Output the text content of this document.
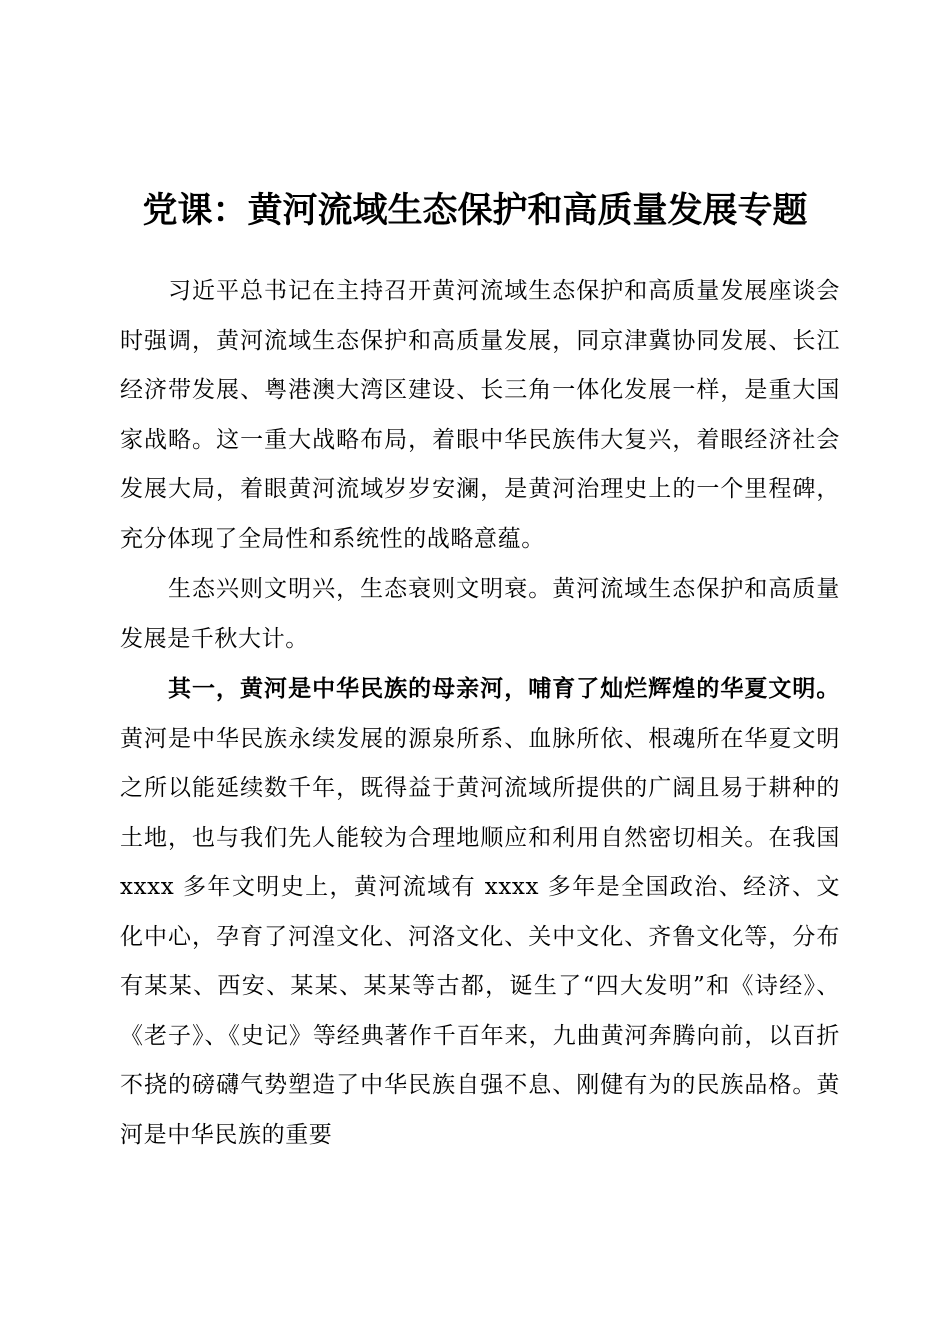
党课：黄河流域生态保护和高质量发展专题

习近平总书记在主持召开黄河流域生态保护和高质量发展座谈会时强调，黄河流域生态保护和高质量发展，同京津冀协同发展、长江经济带发展、粤港澳大湾区建设、长三角一体化发展一样，是重大国家战略。这一重大战略布局，着眼中华民族伟大复兴，着眼经济社会发展大局，着眼黄河流域岁岁安澜，是黄河治理史上的一个里程碑，充分体现了全局性和系统性的战略意蕴。

生态兴则文明兴，生态衰则文明衰。黄河流域生态保护和高质量发展是千秋大计。

其一，黄河是中华民族的母亲河，哺育了灿烂辉煌的华夏文明。黄河是中华民族永续发展的源泉所系、血脉所依、根魂所在华夏文明之所以能延续数千年，既得益于黄河流域所提供的广阔且易于耕种的土地，也与我们先人能较为合理地顺应和利用自然密切相关。在我国 xxxx 多年文明史上，黄河流域有 xxxx 多年是全国政治、经济、文化中心，孕育了河湟文化、河洛文化、关中文化、齐鲁文化等，分布有某某、西安、某某、某某等古都，诞生了“四大发明”和《诗经》、《老子》、《史记》等经典著作千百年来，九曲黄河奔腾向前，以百折不挠的磅礴气势塑造了中华民族自强不息、刚健有为的民族品格。黄河是中华民族的重要
